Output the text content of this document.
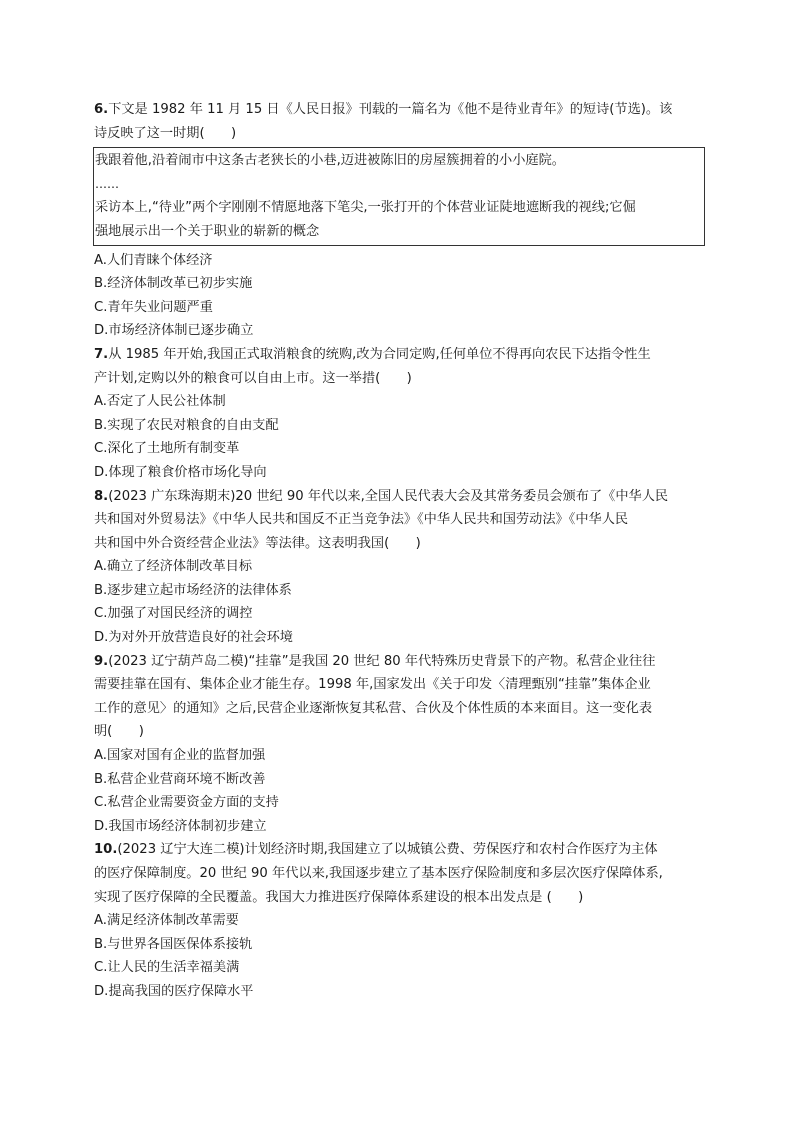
6.下文是 1982 年 11 月 15 日《人民日报》刊载的一篇名为《他不是待业青年》的短诗(节选)。该
诗反映了这一时期(　　)
我跟着他,沿着闹市中这条古老狭长的小巷,迈进被陈旧的房屋簇拥着的小小庭院。
……
采访本上,“待业”两个字刚刚不情愿地落下笔尖,一张打开的个体营业证陡地遮断我的视线;它倔
强地展示出一个关于职业的崭新的概念
A.人们青睐个体经济
B.经济体制改革已初步实施
C.青年失业问题严重
D.市场经济体制已逐步确立
7.从 1985 年开始,我国正式取消粮食的统购,改为合同定购,任何单位不得再向农民下达指令性生
产计划,定购以外的粮食可以自由上市。这一举措(　　)
A.否定了人民公社体制
B.实现了农民对粮食的自由支配
C.深化了土地所有制变革
D.体现了粮食价格市场化导向
8.(2023 广东珠海期末)20 世纪 90 年代以来,全国人民代表大会及其常务委员会颁布了《中华人民
共和国对外贸易法》《中华人民共和国反不正当竞争法》《中华人民共和国劳动法》《中华人民
共和国中外合资经营企业法》等法律。这表明我国(　　)
A.确立了经济体制改革目标
B.逐步建立起市场经济的法律体系
C.加强了对国民经济的调控
D.为对外开放营造良好的社会环境
9.(2023 辽宁葫芦岛二模)“挂靠”是我国 20 世纪 80 年代特殊历史背景下的产物。私营企业往往
需要挂靠在国有、集体企业才能生存。1998 年,国家发出《关于印发〈清理甄别“挂靠”集体企业
工作的意见〉的通知》之后,民营企业逐渐恢复其私营、合伙及个体性质的本来面目。这一变化表
明(　　)
A.国家对国有企业的监督加强
B.私营企业营商环境不断改善
C.私营企业需要资金方面的支持
D.我国市场经济体制初步建立
10.(2023 辽宁大连二模)计划经济时期,我国建立了以城镇公费、劳保医疗和农村合作医疗为主体
的医疗保障制度。20 世纪 90 年代以来,我国逐步建立了基本医疗保险制度和多层次医疗保障体系,
实现了医疗保障的全民覆盖。我国大力推进医疗保障体系建设的根本出发点是 (　　)
A.满足经济体制改革需要
B.与世界各国医保体系接轨
C.让人民的生活幸福美满
D.提高我国的医疗保障水平
